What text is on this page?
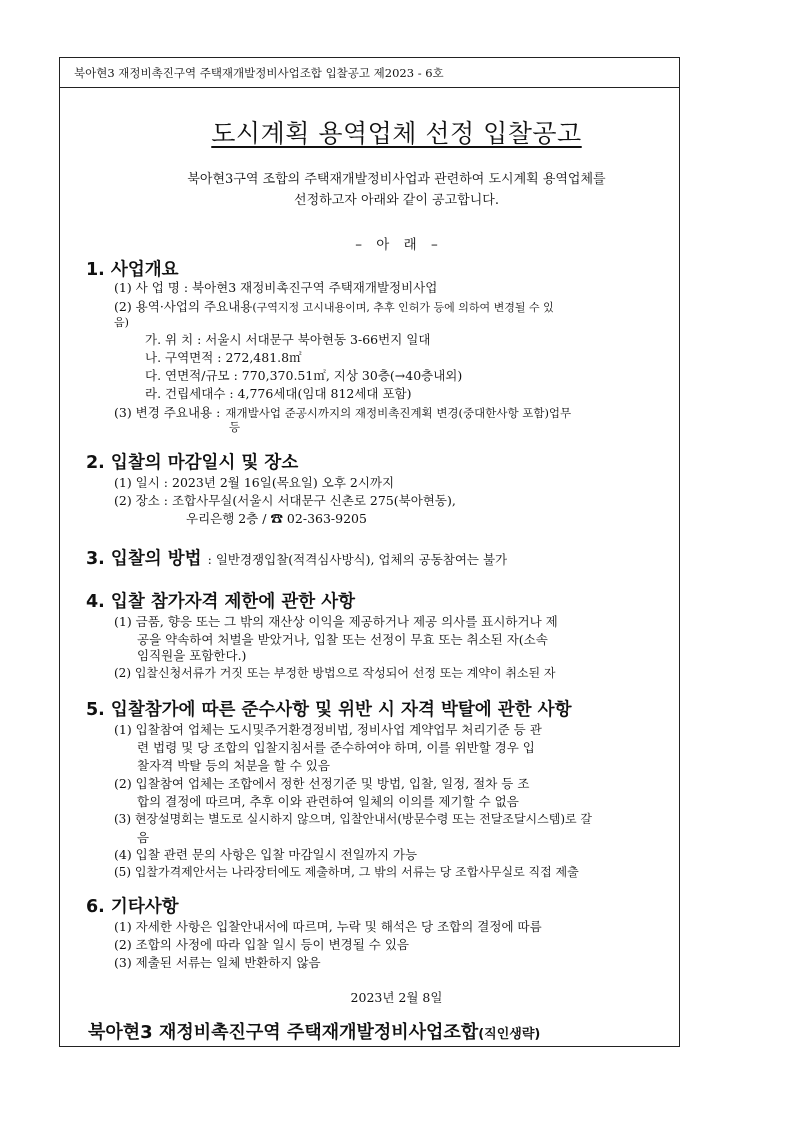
북아현3 재정비촉진구역 주택재개발정비사업조합 입찰공고 제2023 - 6호
도시계획 용역업체 선정 입찰공고
북아현3구역 조합의 주택재개발정비사업과 관련하여 도시계획 용역업체를
선정하고자 아래와 같이 공고합니다.
– 아 래 –
1. 사업개요
(1) 사 업 명 : 북아현3 재정비촉진구역 주택재개발정비사업
(2) 용역·사업의 주요내용(구역지정 고시내용이며, 추후 인허가 등에 의하여 변경될 수 있
음)
가. 위 치 : 서울시 서대문구 북아현동 3-66번지 일대
나. 구역면적 : 272,481.8㎡
다. 연면적/규모 : 770,370.51㎡, 지상 30층(→40층내외)
라. 건립세대수 : 4,776세대(임대 812세대 포함)
(3) 변경 주요내용 : 재개발사업 준공시까지의 재정비촉진계획 변경(중대한사항 포함)업무
등
2. 입찰의 마감일시 및 장소
(1) 일시 : 2023년 2월 16일(목요일) 오후 2시까지
(2) 장소 : 조합사무실(서울시 서대문구 신촌로 275(북아현동),
우리은행 2층 / ☎ 02-363-9205
3. 입찰의 방법 : 일반경쟁입찰(적격심사방식), 업체의 공동참여는 불가
4. 입찰 참가자격 제한에 관한 사항
(1) 금품, 향응 또는 그 밖의 재산상 이익을 제공하거나 제공 의사를 표시하거나 제
공을 약속하여 처벌을 받았거나, 입찰 또는 선정이 무효 또는 취소된 자(소속
임직원을 포함한다.)
(2) 입찰신청서류가 거짓 또는 부정한 방법으로 작성되어 선정 또는 계약이 취소된 자
5. 입찰참가에 따른 준수사항 및 위반 시 자격 박탈에 관한 사항
(1) 입찰참여 업체는 도시및주거환경정비법, 정비사업 계약업무 처리기준 등 관
련 법령 및 당 조합의 입찰지침서를 준수하여야 하며, 이를 위반할 경우 입
찰자격 박탈 등의 처분을 할 수 있음
(2) 입찰참여 업체는 조합에서 정한 선정기준 및 방법, 입찰, 일정, 절차 등 조
합의 결정에 따르며, 추후 이와 관련하여 일체의 이의를 제기할 수 없음
(3) 현장설명회는 별도로 실시하지 않으며, 입찰안내서(방문수령 또는 전달조달시스템)로 갈
음
(4) 입찰 관련 문의 사항은 입찰 마감일시 전일까지 가능
(5) 입찰가격제안서는 나라장터에도 제출하며, 그 밖의 서류는 당 조합사무실로 직접 제출
6. 기타사항
(1) 자세한 사항은 입찰안내서에 따르며, 누락 및 해석은 당 조합의 결정에 따름
(2) 조합의 사정에 따라 입찰 일시 등이 변경될 수 있음
(3) 제출된 서류는 일체 반환하지 않음
2023년 2월 8일
북아현3 재정비촉진구역 주택재개발정비사업조합(직인생략)
